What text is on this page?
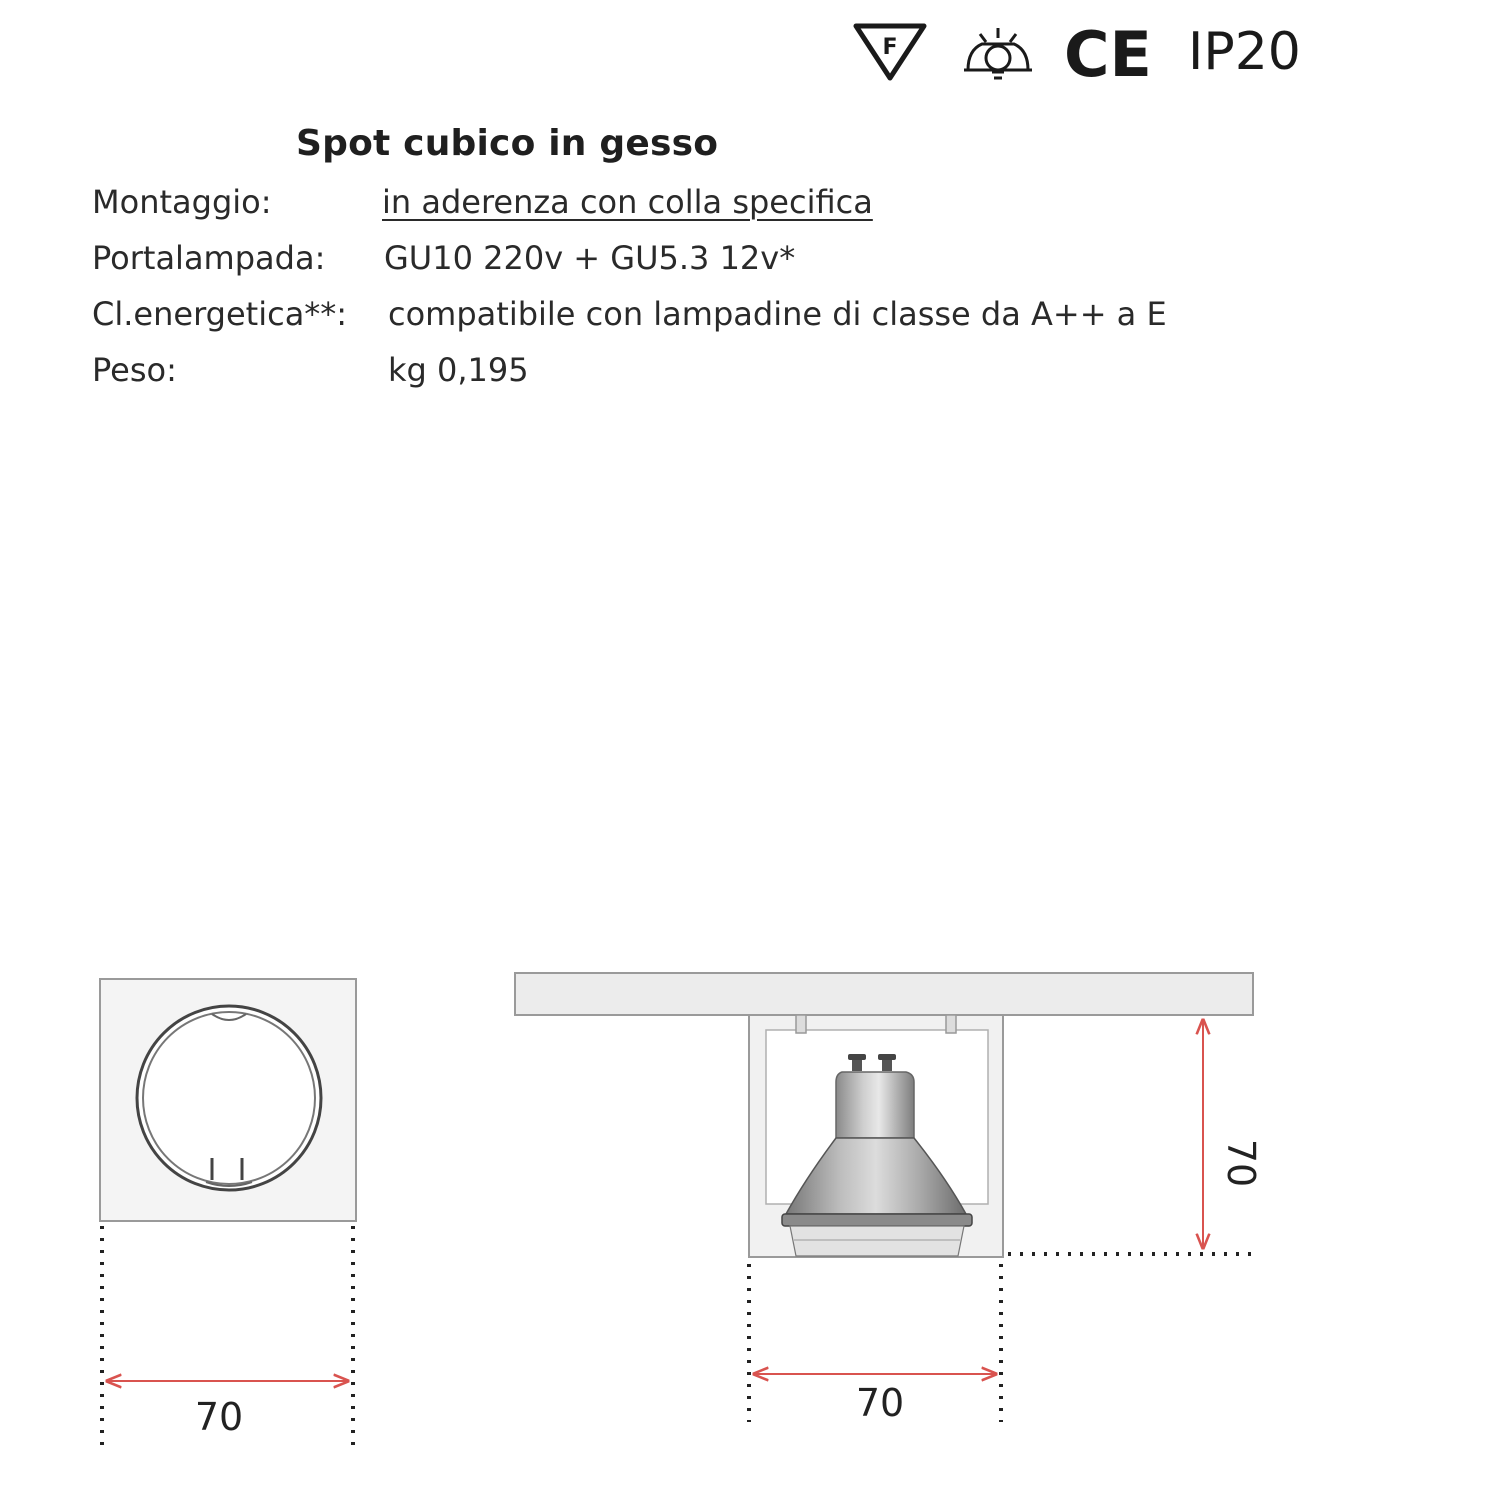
F	CE IP20
Spot cubico in gesso
Montaggio:	in aderenza con colla specifica
Portalampada: GU10 220v + GU5.3 12v*
Cl.energetica**: compatibile con lampadine di classe da A++ a E
Peso:	kg 0,195
70	70
70
